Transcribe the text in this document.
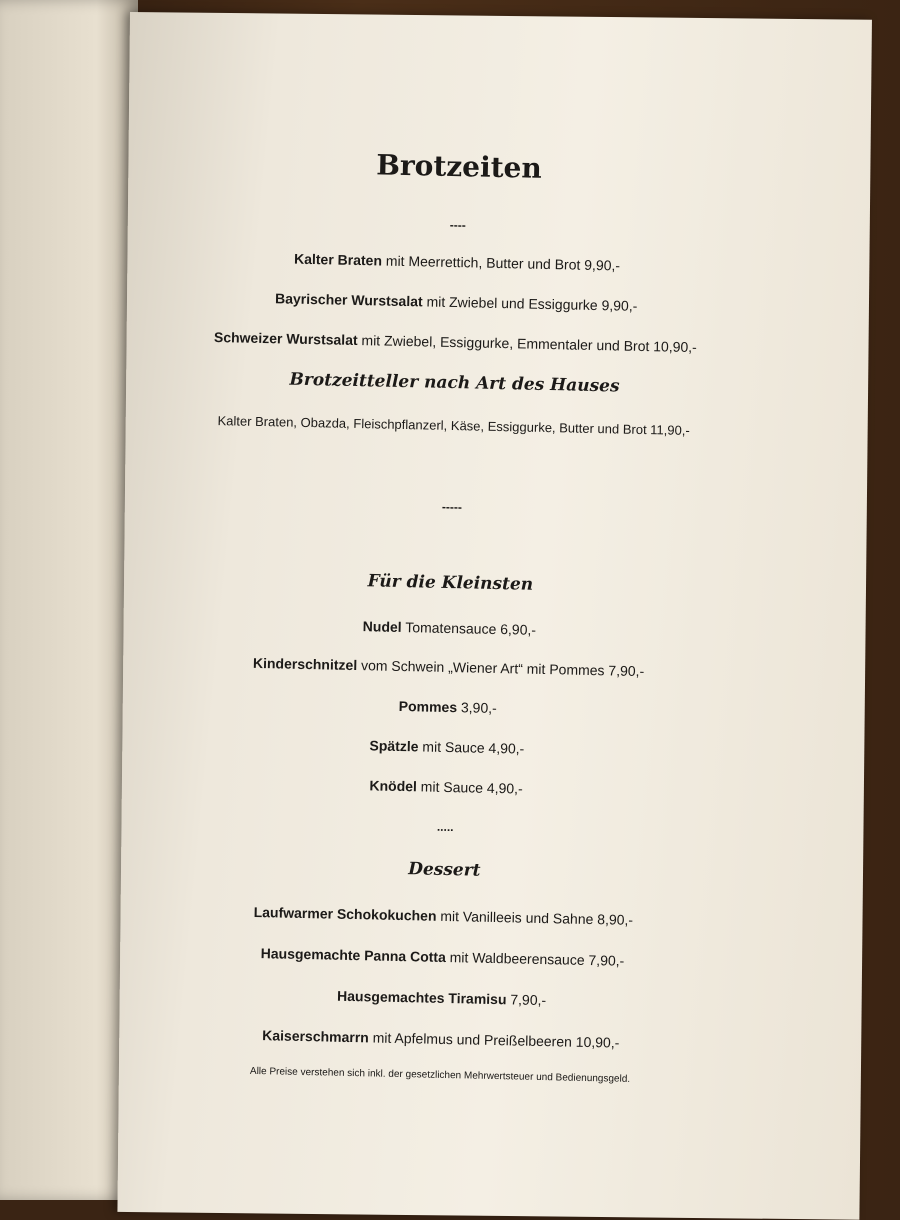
Brotzeiten
----
Kalter Braten mit Meerrettich, Butter und Brot 9,90,-
Bayrischer Wurstsalat mit Zwiebel und Essiggurke 9,90,-
Schweizer Wurstsalat mit Zwiebel, Essiggurke, Emmentaler und Brot 10,90,-
Brotzeitteller nach Art des Hauses
Kalter Braten, Obazda, Fleischpflanzerl, Käse, Essiggurke, Butter und Brot 11,90,-
-----
Für die Kleinsten
Nudel Tomatensauce 6,90,-
Kinderschnitzel vom Schwein „Wiener Art“ mit Pommes 7,90,-
Pommes 3,90,-
Spätzle mit Sauce 4,90,-
Knödel mit Sauce 4,90,-
.....
Dessert
Laufwarmer Schokokuchen mit Vanilleeis und Sahne 8,90,-
Hausgemachte Panna Cotta mit Waldbeerensauce 7,90,-
Hausgemachtes Tiramisu 7,90,-
Kaiserschmarrn mit Apfelmus und Preißelbeeren 10,90,-
Alle Preise verstehen sich inkl. der gesetzlichen Mehrwertsteuer und Bedienungsgeld.
